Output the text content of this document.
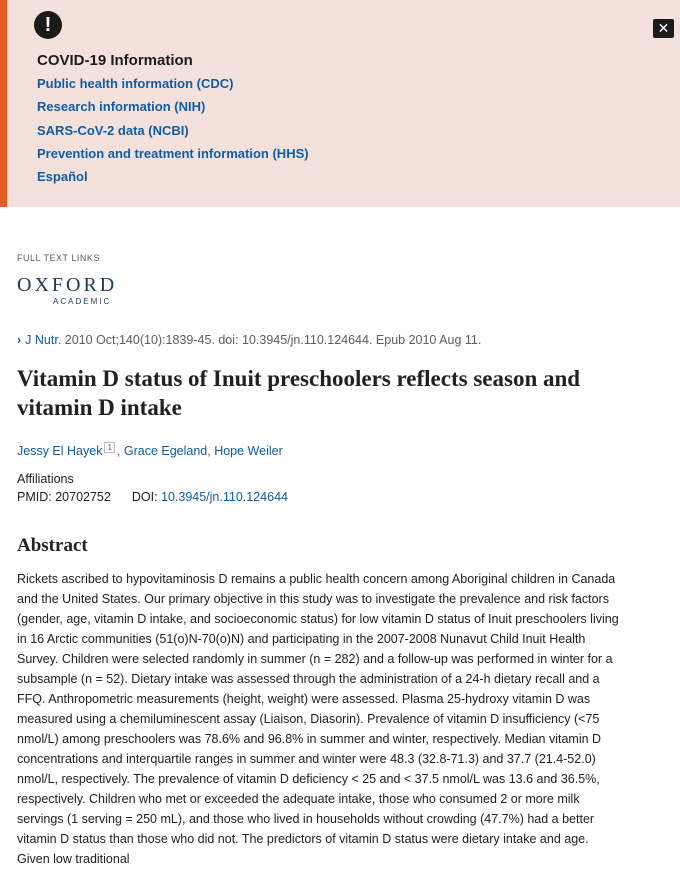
!	✕
COVID-19 Information
Public health information (CDC)
Research information (NIH)
SARS-CoV-2 data (NCBI)
Prevention and treatment information (HHS)
Español
FULL TEXT LINKS
OXFORD
ACADEMIC
› J Nutr. 2010 Oct;140(10):1839-45. doi: 10.3945/jn.110.124644. Epub 2010 Aug 11.
Vitamin D status of Inuit preschoolers reflects season and vitamin D intake
Jessy El Hayek $^1$ , Grace Egeland, Hope Weiler
Affiliations
PMID: 20702752 DOI: 10.3945/jn.110.124644
Abstract

Rickets ascribed to hypovitaminosis D remains a public health concern among Aboriginal children in Canada and the United States. Our primary objective in this study was to investigate the prevalence and risk factors (gender, age, vitamin D intake, and socioeconomic status) for low vitamin D status of Inuit preschoolers living in 16 Arctic communities (51(o)N-70(o)N) and participating in the 2007-2008 Nunavut Child Inuit Health Survey. Children were selected randomly in summer (n = 282) and a follow-up was performed in winter for a subsample (n = 52). Dietary intake was assessed through the administration of a 24-h dietary recall and a FFQ. Anthropometric measurements (height, weight) were assessed. Plasma 25-hydroxy vitamin D was measured using a chemiluminescent assay (Liaison, Diasorin). Prevalence of vitamin D insufficiency (<75 nmol/L) among preschoolers was 78.6% and 96.8% in summer and winter, respectively. Median vitamin D concentrations and interquartile ranges in summer and winter were 48.3 (32.8-71.3) and 37.7 (21.4-52.0) nmol/L, respectively. The prevalence of vitamin D deficiency < 25 and < 37.5 nmol/L was 13.6 and 36.5%, respectively. Children who met or exceeded the adequate intake, those who consumed 2 or more milk servings (1 serving = 250 mL), and those who lived in households without crowding (47.7%) had a better vitamin D status than those who did not. The predictors of vitamin D status were dietary intake and age. Given low traditional
